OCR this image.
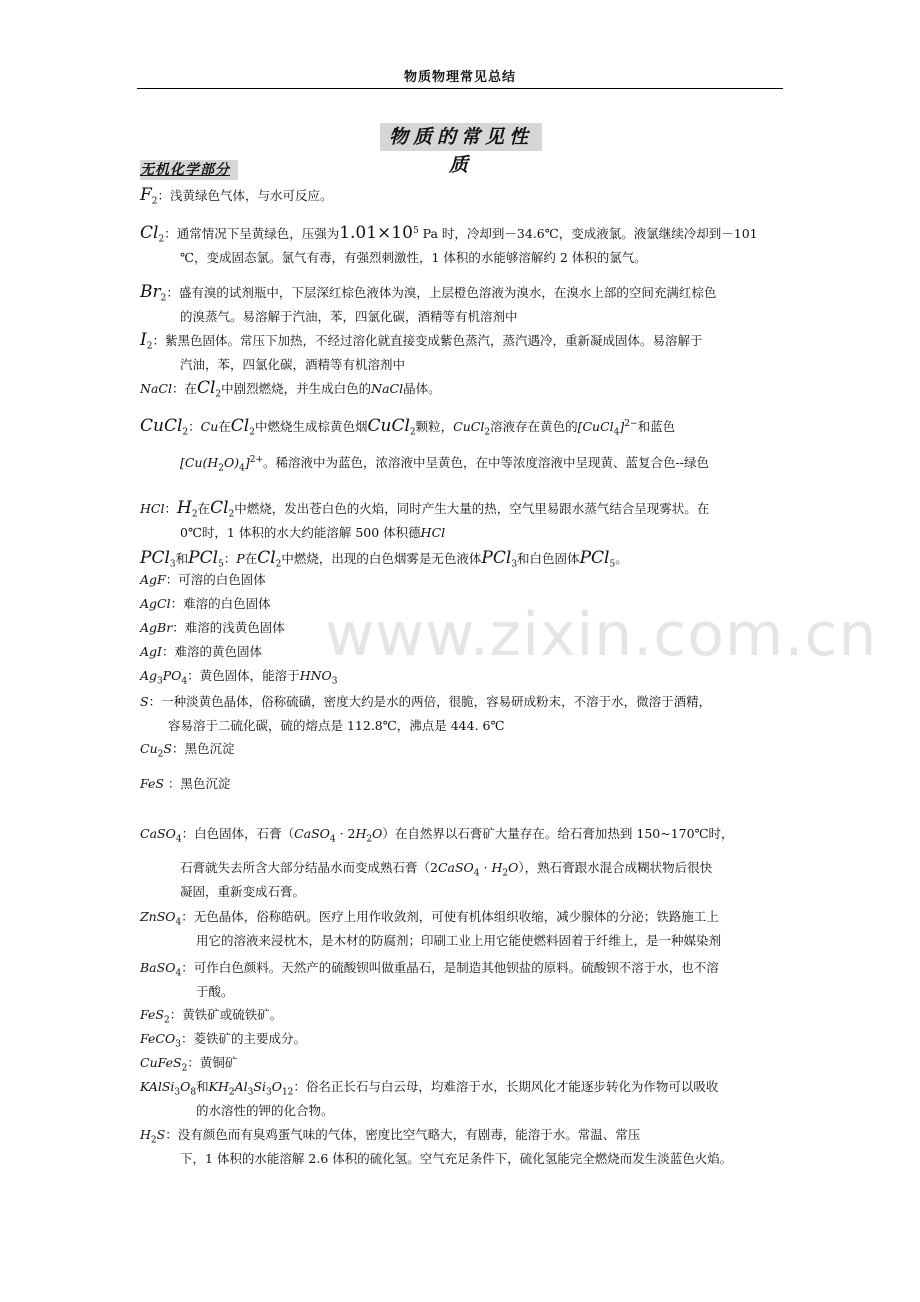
物质物理常见总结
物质的常见性质
无机化学部分
www.zixin.com.cn
$F_2$：浅黄绿色气体，与水可反应。
$Cl_2$：通常情况下呈黄绿色，压强为$1.01\times 10^5$ Pa 时，冷却到－34.6℃，变成液氯。液氯继续冷却到－101
℃，变成固态氯。氯气有毒，有强烈刺激性，1 体积的水能够溶解约 2 体积的氯气。
$Br_2$：盛有溴的试剂瓶中，下层深红棕色液体为溴，上层橙色溶液为溴水，在溴水上部的空间充满红棕色
的溴蒸气。易溶解于汽油，苯，四氯化碳，酒精等有机溶剂中
$I_2$：紫黑色固体。常压下加热，不经过溶化就直接变成紫色蒸汽，蒸汽遇冷，重新凝成固体。易溶解于
汽油，苯，四氯化碳，酒精等有机溶剂中
NaCl：在$Cl_2$中剧烈燃烧，并生成白色的NaCl晶体。
CuCl$_2$：Cu在$Cl_2$中燃烧生成棕黄色烟CuCl$_2$颗粒，CuCl$_2$溶液存在黄色的[CuCl$_4$]$^{2-}$和蓝色
$[Cu(H_2O)_4]^{2+}$。稀溶液中为蓝色，浓溶液中呈黄色，在中等浓度溶液中呈现黄、蓝复合色--绿色
HCl：$H_2$在$Cl_2$中燃烧，发出苍白色的火焰，同时产生大量的热，空气里易跟水蒸气结合呈现雾状。在
0℃时，1 体积的水大约能溶解 500 体积德HCl
PCl$_3$和PCl$_5$：P在$Cl_2$中燃烧，出现的白色烟雾是无色液体PCl$_3$和白色固体PCl$_5$。
AgF：可溶的白色固体
AgCl：难溶的白色固体
AgBr：难溶的浅黄色固体
AgI：难溶的黄色固体
$Ag_3PO_4$：黄色固体，能溶于$HNO_3$
S：一种淡黄色晶体，俗称硫磺，密度大约是水的两倍，很脆，容易研成粉末，不溶于水，微溶于酒精，
容易溶于二硫化碳，硫的熔点是 112.8℃，沸点是 444. 6℃
$Cu_2S$：黑色沉淀
FeS ：黑色沉淀
CaSO$_4$：白色固体，石膏（CaSO$_4$ · $2H_2O$）在自然界以石膏矿大量存在。给石膏加热到 150~170℃时，
石膏就失去所含大部分结晶水而变成熟石膏（2CaSO$_4$ · $H_2O$），熟石膏跟水混合成糊状物后很快
凝固，重新变成石膏。
ZnSO$_4$：无色晶体，俗称皓矾。医疗上用作收敛剂，可使有机体组织收缩，减少腺体的分泌；铁路施工上
用它的溶液来浸枕木，是木材的防腐剂；印刷工业上用它能使燃料固着于纤维上，是一种媒染剂
BaSO$_4$：可作白色颜料。天然产的硫酸钡叫做重晶石，是制造其他钡盐的原料。硫酸钡不溶于水，也不溶
于酸。
FeS$_2$：黄铁矿或硫铁矿。
FeCO$_3$：菱铁矿的主要成分。
CuFeS$_2$：黄铜矿
$KAlSi_3O_8$和$KH_2Al_3Si_3O_{12}$：俗名正长石与白云母，均难溶于水，长期风化才能逐步转化为作物可以吸收
的水溶性的钾的化合物。
$H_2S$：没有颜色而有臭鸡蛋气味的气体，密度比空气略大，有剧毒，能溶于水。常温、常压
下，1 体积的水能溶解 2.6 体积的硫化氢。空气充足条件下，硫化氢能完全燃烧而发生淡蓝色火焰。
